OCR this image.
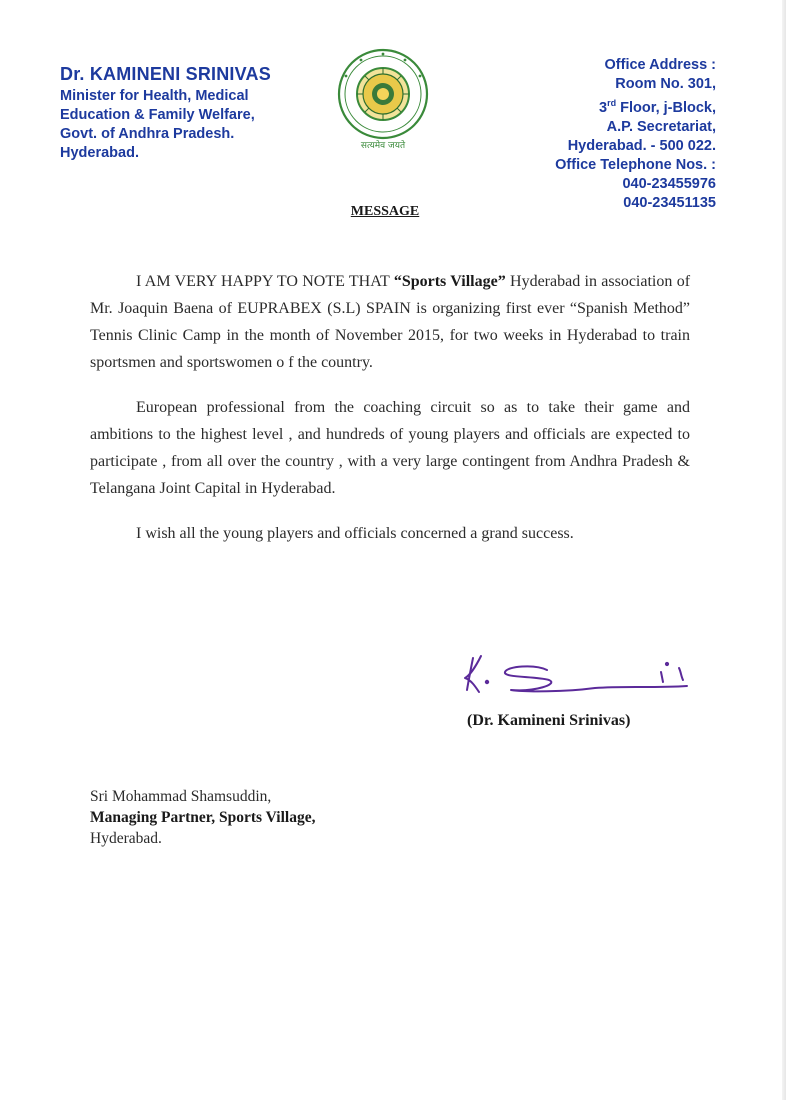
Dr. KAMINENI SRINIVAS
Minister for Health, Medical
Education & Family Welfare,
Govt. of Andhra Pradesh.
Hyderabad.	सत्यमेव जयते
Office Address :
Room No. 301,
3rd Floor, j-Block,
A.P. Secretariat,
Hyderabad. - 500 022.
Office Telephone Nos. :
040-23455976
040-23451135
MESSAGE

I AM VERY HAPPY TO NOTE THAT “Sports Village” Hyderabad in association of Mr. Joaquin Baena of EUPRABEX (S.L) SPAIN is organizing first ever “Spanish Method” Tennis Clinic Camp in the month of November 2015, for two weeks in Hyderabad to train sportsmen and sportswomen o f the country.

European professional from the coaching circuit so as to take their game and ambitions to the highest level , and hundreds of young players and officials are expected to participate , from all over the country , with a very large contingent from Andhra Pradesh & Telangana Joint Capital in Hyderabad.

I wish all the young players and officials concerned a grand success.

(Dr. Kamineni Srinivas)
Sri Mohammad Shamsuddin,
Managing Partner, Sports Village,
Hyderabad.
